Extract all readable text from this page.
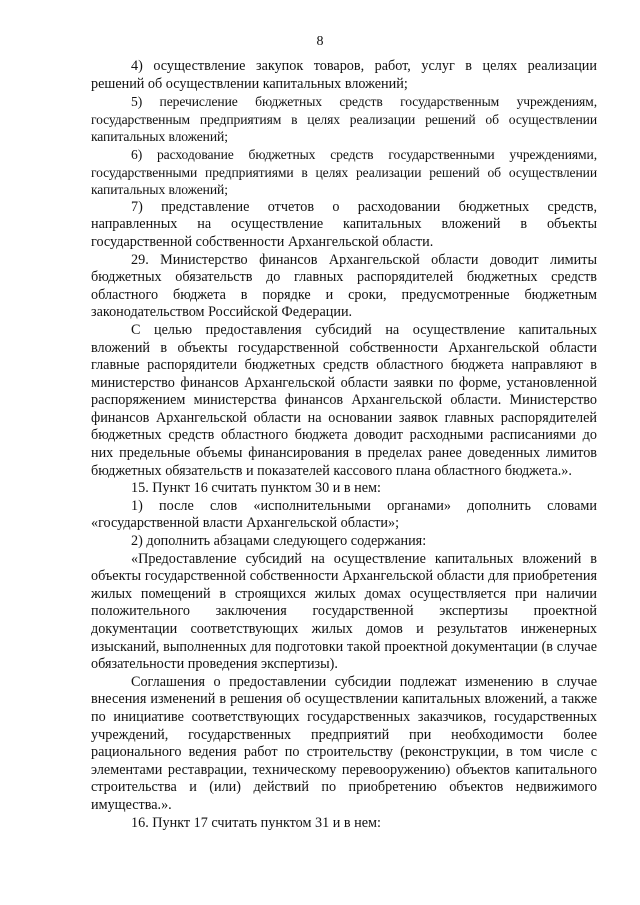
8

4) осуществление закупок товаров, работ, услуг в целях реализации решений об осуществлении капитальных вложений;

5) перечисление бюджетных средств государственным учреждениям, государственным предприятиям в целях реализации решений об осуществлении капитальных вложений;

6) расходование бюджетных средств государственными учреждениями, государственными предприятиями в целях реализации решений об осуществлении капитальных вложений;

7) представление отчетов о расходовании бюджетных средств, направленных на осуществление капитальных вложений в объекты государственной собственности Архангельской области.

29. Министерство финансов Архангельской области доводит лимиты бюджетных обязательств до главных распорядителей бюджетных средств областного бюджета в порядке и сроки, предусмотренные бюджетным законодательством Российской Федерации.

С целью предоставления субсидий на осуществление капитальных вложений в объекты государственной собственности Архангельской области главные распорядители бюджетных средств областного бюджета направляют в министерство финансов Архангельской области заявки по форме, установленной распоряжением министерства финансов Архангельской области. Министерство финансов Архангельской области на основании заявок главных распорядителей бюджетных средств областного бюджета доводит расходными расписаниями до них предельные объемы финансирования в пределах ранее доведенных лимитов бюджетных обязательств и показателей кассового плана областного бюджета.».

15. Пункт 16 считать пунктом 30 и в нем:

1) после слов «исполнительными органами» дополнить словами «государственной власти Архангельской области»;

2) дополнить абзацами следующего содержания:

«Предоставление субсидий на осуществление капитальных вложений в объекты государственной собственности Архангельской области для приобретения жилых помещений в строящихся жилых домах осуществляется при наличии положительного заключения государственной экспертизы проектной документации соответствующих жилых домов и результатов инженерных изысканий, выполненных для подготовки такой проектной документации (в случае обязательности проведения экспертизы).

Соглашения о предоставлении субсидии подлежат изменению в случае внесения изменений в решения об осуществлении капитальных вложений, а также по инициативе соответствующих государственных заказчиков, государственных учреждений, государственных предприятий при необходимости более рационального ведения работ по строительству (реконструкции, в том числе с элементами реставрации, техническому перевооружению) объектов капитального строительства и (или) действий по приобретению объектов недвижимого имущества.».

16. Пункт 17 считать пунктом 31 и в нем:
